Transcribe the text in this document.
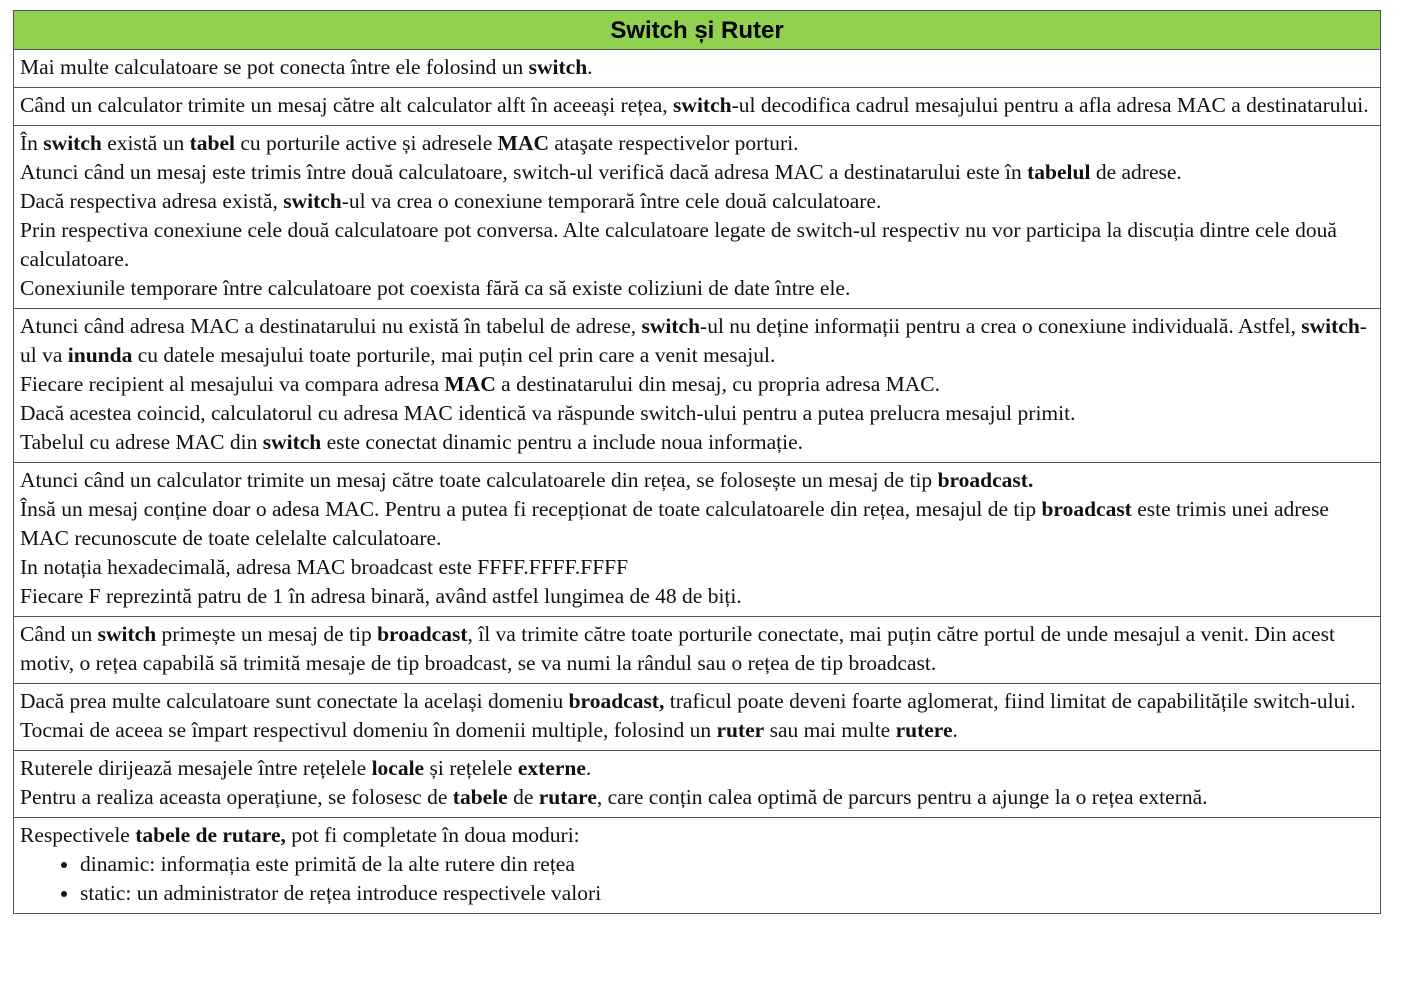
Switch și Ruter

Mai multe calculatoare se pot conecta între ele folosind un switch.

Când un calculator trimite un mesaj către alt calculator alft în aceeași rețea, switch-ul decodifica cadrul mesajului pentru a afla adresa MAC a destinatarului.

În switch există un tabel cu porturile active și adresele MAC ataşate respectivelor porturi.
Atunci când un mesaj este trimis între două calculatoare, switch-ul verifică dacă adresa MAC a destinatarului este în tabelul de adrese.
Dacă respectiva adresa există, switch-ul va crea o conexiune temporară între cele două calculatoare.
Prin respectiva conexiune cele două calculatoare pot conversa. Alte calculatoare legate de switch-ul respectiv nu vor participa la discuția dintre cele două calculatoare.
Conexiunile temporare între calculatoare pot coexista fără ca să existe coliziuni de date între ele.

Atunci când adresa MAC a destinatarului nu există în tabelul de adrese, switch-ul nu deține informații pentru a crea o conexiune individuală. Astfel, switch-ul va inunda cu datele mesajului toate porturile, mai puțin cel prin care a venit mesajul.
Fiecare recipient al mesajului va compara adresa MAC a destinatarului din mesaj, cu propria adresa MAC.
Dacă acestea coincid, calculatorul cu adresa MAC identică va răspunde switch-ului pentru a putea prelucra mesajul primit.
Tabelul cu adrese MAC din switch este conectat dinamic pentru a include noua informație.

Atunci când un calculator trimite un mesaj către toate calculatoarele din rețea, se folosește un mesaj de tip broadcast.
Însă un mesaj conține doar o adesa MAC. Pentru a putea fi recepționat de toate calculatoarele din rețea, mesajul de tip broadcast este trimis unei adrese MAC recunoscute de toate celelalte calculatoare.
In notația hexadecimală, adresa MAC broadcast este FFFF.FFFF.FFFF
Fiecare F reprezintă patru de 1 în adresa binară, având astfel lungimea de 48 de biți.

Când un switch primește un mesaj de tip broadcast, îl va trimite către toate porturile conectate, mai puțin către portul de unde mesajul a venit. Din acest motiv, o rețea capabilă să trimită mesaje de tip broadcast, se va numi la rândul sau o rețea de tip broadcast.

Dacă prea multe calculatoare sunt conectate la același domeniu broadcast, traficul poate deveni foarte aglomerat, fiind limitat de capabilitățile switch-ului. Tocmai de aceea se împart respectivul domeniu în domenii multiple, folosind un ruter sau mai multe rutere.

Ruterele dirijează mesajele între rețelele locale și rețelele externe.
Pentru a realiza aceasta operațiune, se folosesc de tabele de rutare, care conțin calea optimă de parcurs pentru a ajunge la o rețea externă.

Respectivele tabele de rutare, pot fi completate în doua moduri:
• dinamic: informația este primită de la alte rutere din rețea
• static: un administrator de rețea introduce respectivele valori
